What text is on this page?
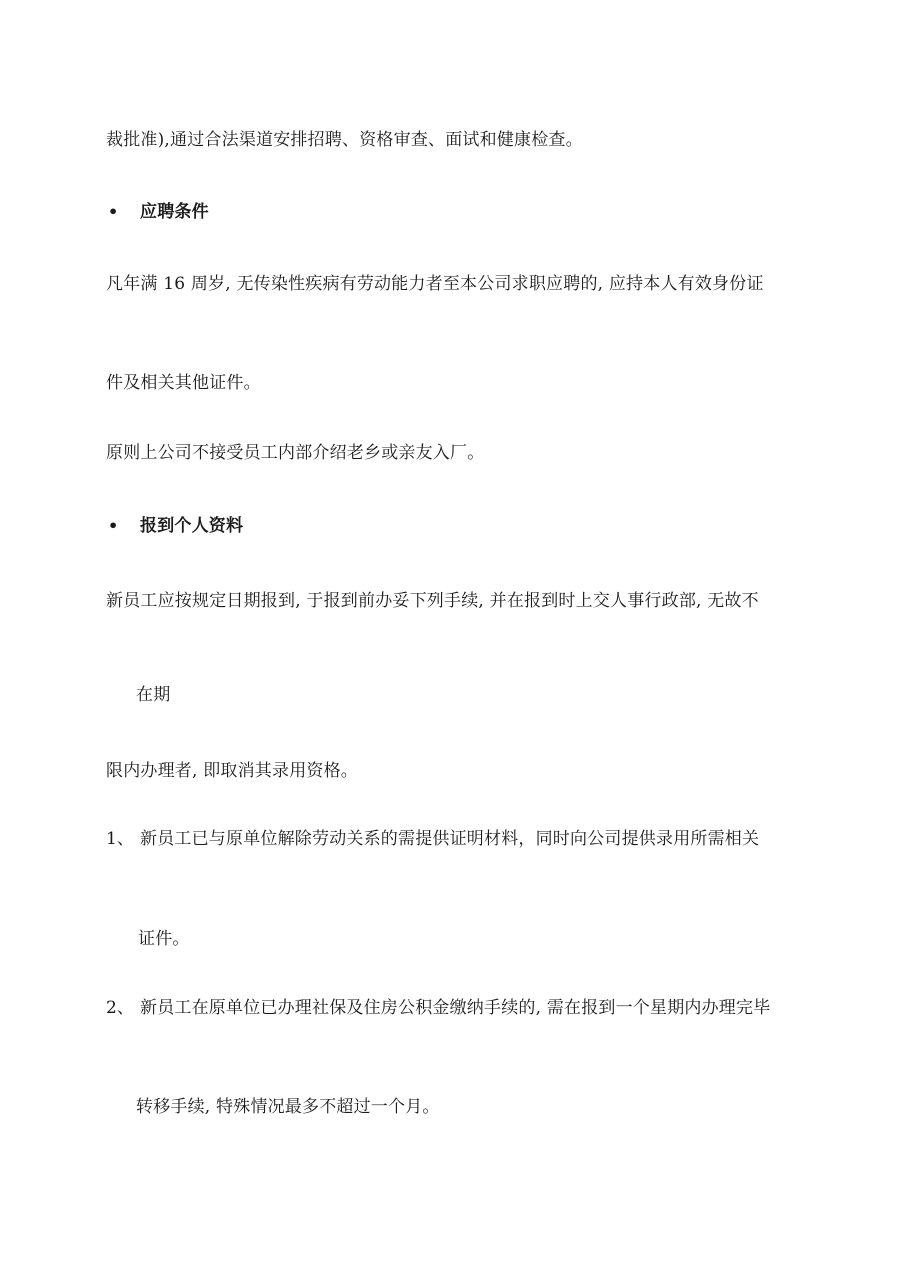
裁批准),通过合法渠道安排招聘、资格审查、面试和健康检查。
• 应聘条件
凡年满 16 周岁, 无传染性疾病有劳动能力者至本公司求职应聘的, 应持本人有效身份证
件及相关其他证件。
原则上公司不接受员工内部介绍老乡或亲友入厂。
• 报到个人资料
新员工应按规定日期报到, 于报到前办妥下列手续, 并在报到时上交人事行政部, 无故不
在期
限内办理者, 即取消其录用资格。
1、 新员工已与原单位解除劳动关系的需提供证明材料，同时向公司提供录用所需相关
证件。
2、 新员工在原单位已办理社保及住房公积金缴纳手续的, 需在报到一个星期内办理完毕
转移手续, 特殊情况最多不超过一个月。
